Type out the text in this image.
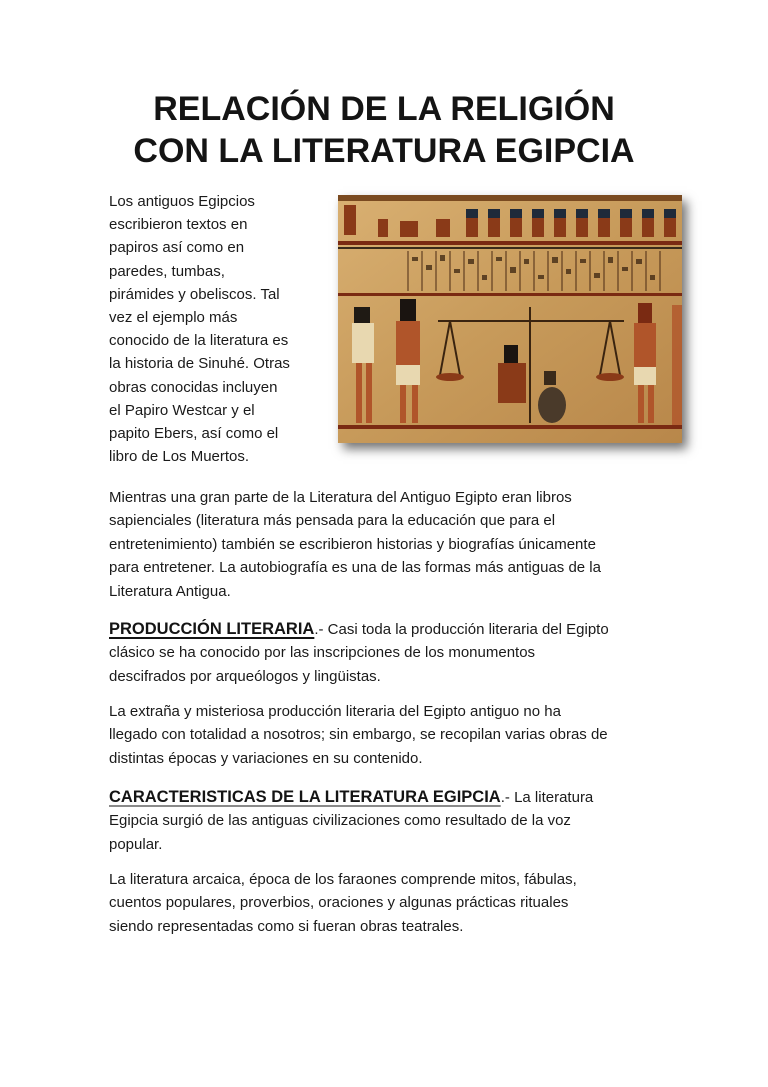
RELACIÓN DE LA RELIGIÓN
CON LA LITERATURA EGIPCIA

Los antiguos Egipcios
escribieron textos en
papiros así como en
paredes, tumbas,
pirámides y obeliscos. Tal
vez el ejemplo más
conocido de la literatura es
la historia de Sinuhé. Otras
obras conocidas incluyen
el Papiro Westcar y el
papito Ebers, así como el
libro de Los Muertos.

Mientras una gran parte de la Literatura del Antiguo Egipto eran libros
sapienciales (literatura más pensada para la educación que para el
entretenimiento) también se escribieron historias y biografías únicamente
para entretener. La autobiografía es una de las formas más antiguas de la
Literatura Antigua.

PRODUCCIÓN LITERARIA.- Casi toda la producción literaria del Egipto
clásico se ha conocido por las inscripciones de los monumentos
descifrados por arqueólogos y lingüistas.

La extraña y misteriosa producción literaria del Egipto antiguo no ha
llegado con totalidad a nosotros; sin embargo, se recopilan varias obras de
distintas épocas y variaciones en su contenido.

CARACTERISTICAS DE LA LITERATURA EGIPCIA.- La literatura
Egipcia surgió de las antiguas civilizaciones como resultado de la voz
popular.

La literatura arcaica, época de los faraones comprende mitos, fábulas,
cuentos populares, proverbios, oraciones y algunas prácticas rituales
siendo representadas como si fueran obras teatrales.
